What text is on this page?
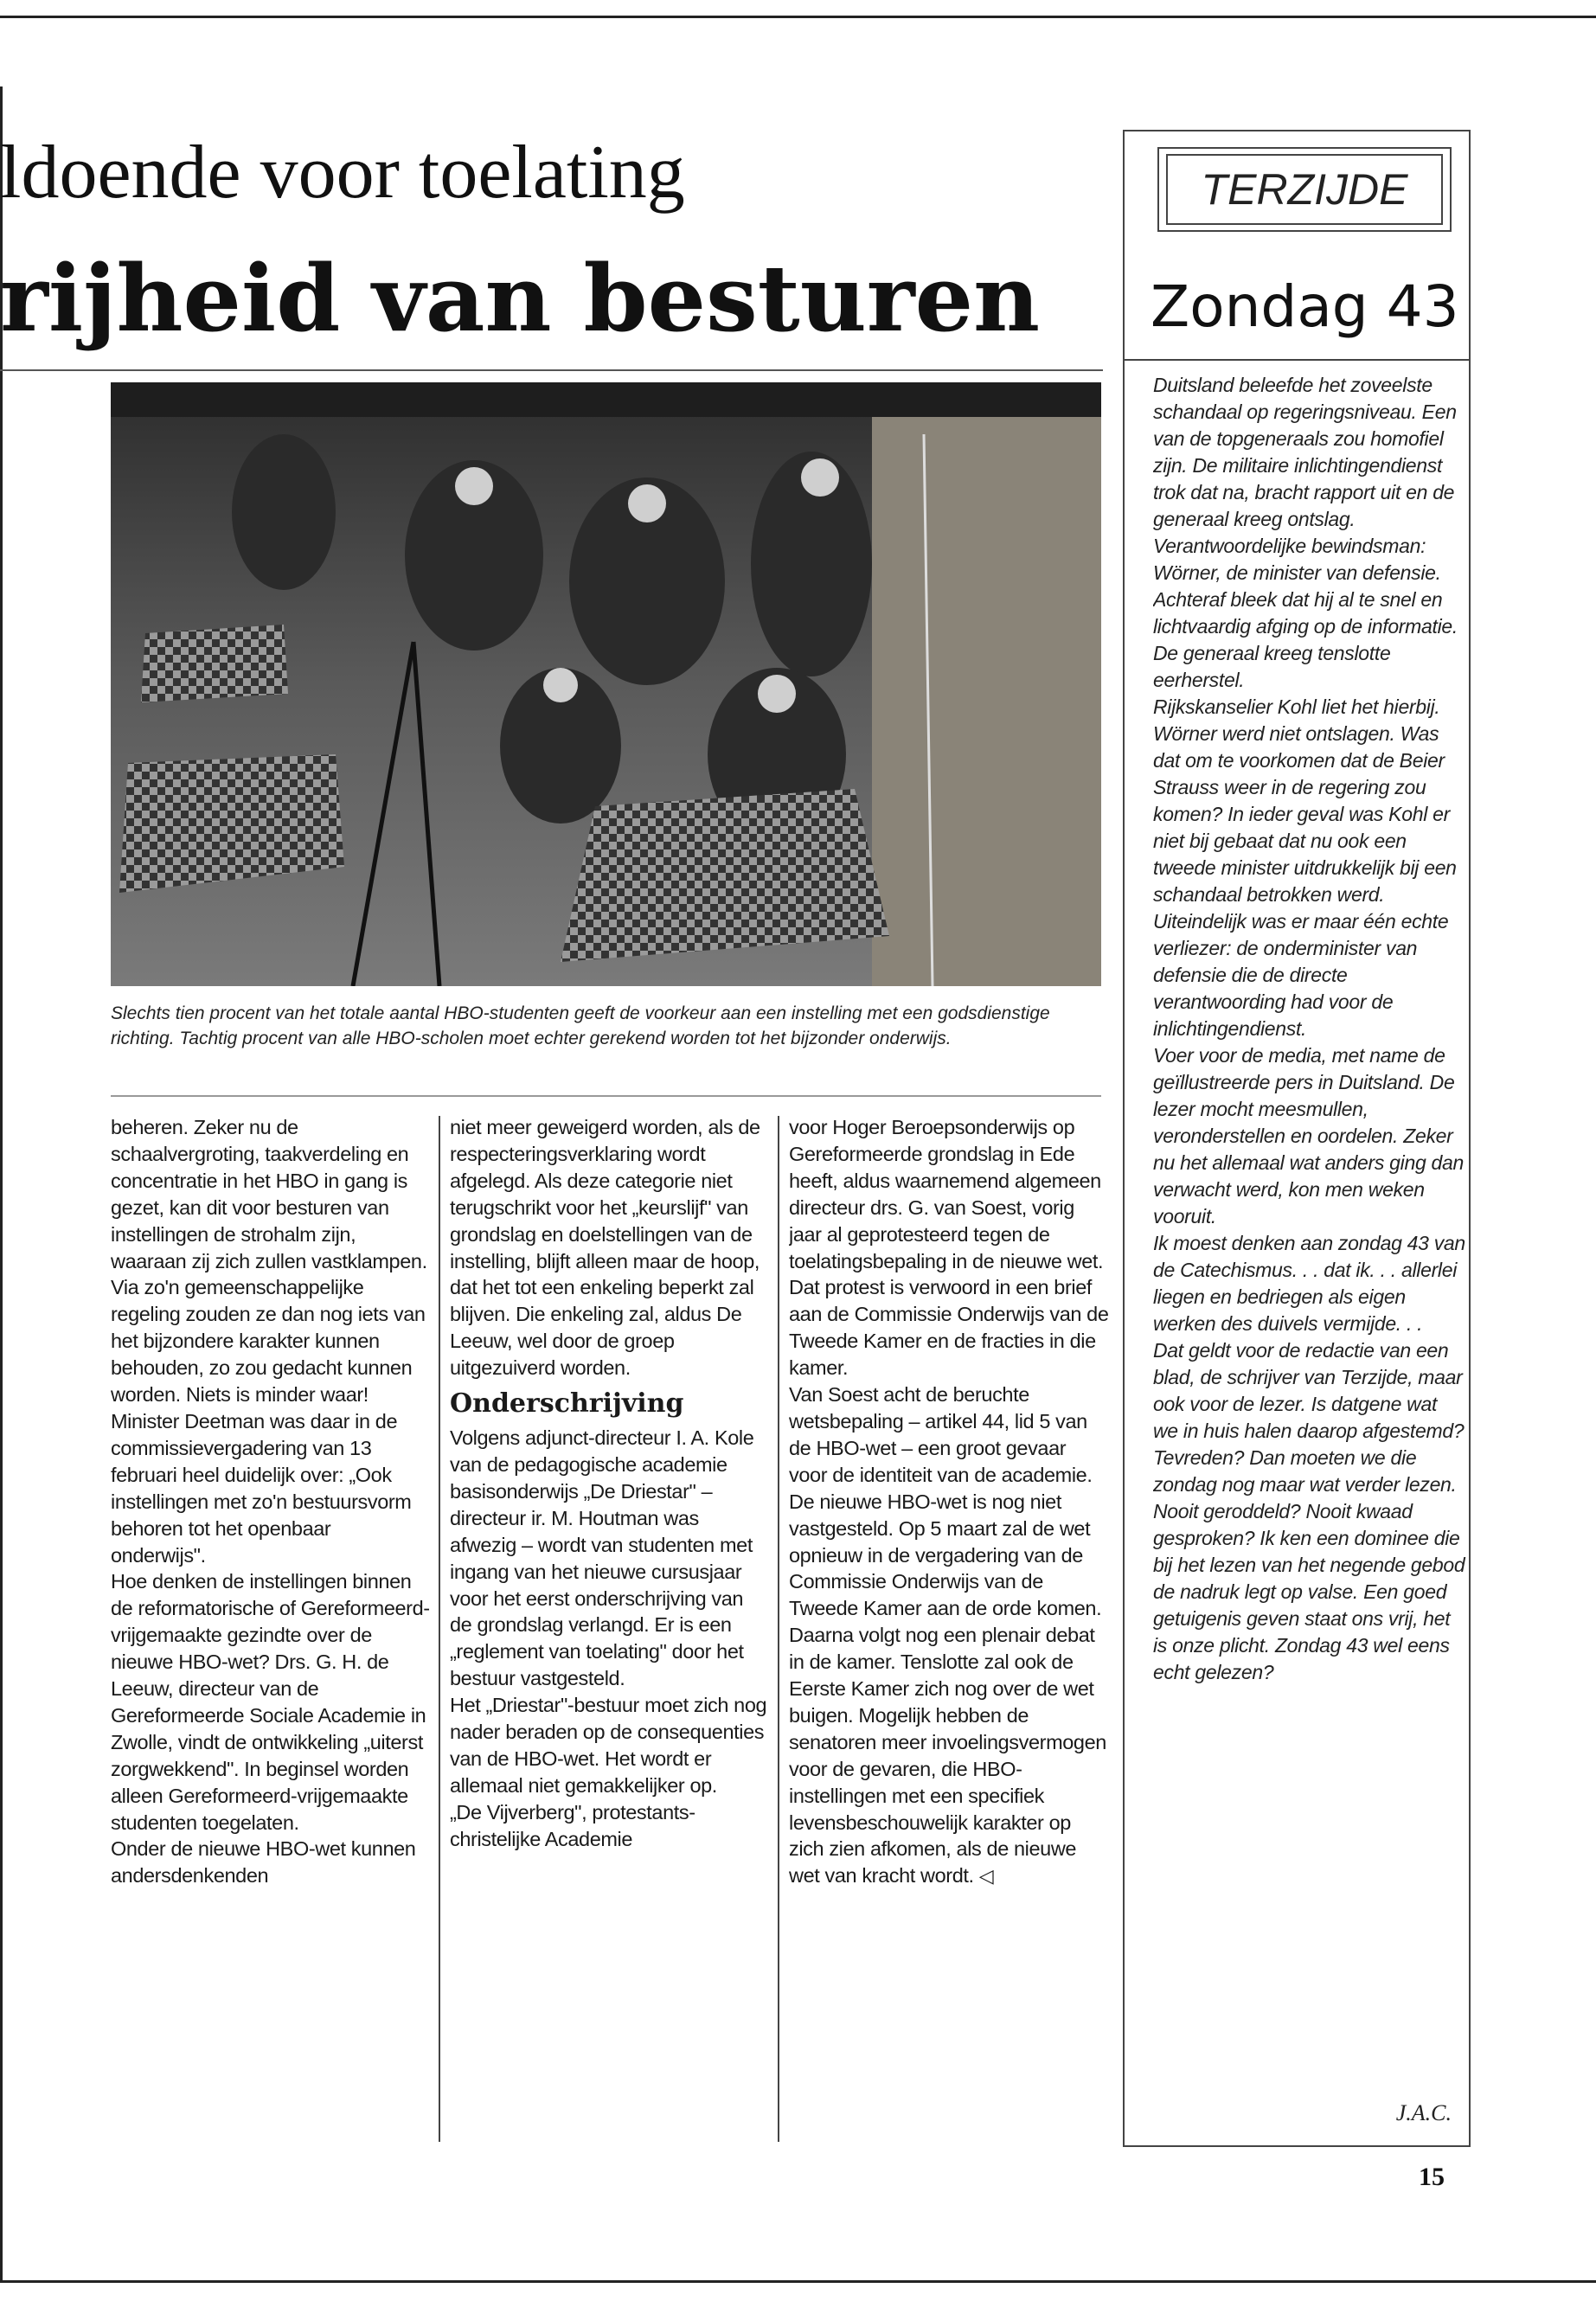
ldoende voor toelating
rijheid van besturen

Slechts tien procent van het totale aantal HBO-studenten geeft de voorkeur aan een instelling met een godsdienstige richting. Tachtig procent van alle HBO-scholen moet echter gerekend worden tot het bijzonder onderwijs.

beheren. Zeker nu de schaalvergroting, taakverdeling en concentratie in het HBO in gang is gezet, kan dit voor besturen van instellingen de strohalm zijn, waaraan zij zich zullen vastklampen.

Via zo'n gemeenschappelijke regeling zouden ze dan nog iets van het bijzondere karakter kunnen behouden, zo zou gedacht kunnen worden. Niets is minder waar! Minister Deetman was daar in de commissievergadering van 13 februari heel duidelijk over: „Ook instellingen met zo'n bestuursvorm behoren tot het openbaar onderwijs".

Hoe denken de instellingen binnen de reformatorische of Gereformeerd-vrijgemaakte gezindte over de nieuwe HBO-wet? Drs. G. H. de Leeuw, directeur van de Gereformeerde Sociale Academie in Zwolle, vindt de ontwikkeling „uiterst zorgwekkend". In beginsel worden alleen Gereformeerd-vrijgemaakte studenten toegelaten.

Onder de nieuwe HBO-wet kunnen andersdenkenden

niet meer geweigerd worden, als de respecteringsverklaring wordt afgelegd. Als deze categorie niet terugschrikt voor het „keurslijf" van grondslag en doelstellingen van de instelling, blijft alleen maar de hoop, dat het tot een enkeling beperkt zal blijven. Die enkeling zal, aldus De Leeuw, wel door de groep uitgezuiverd worden.

Onderschrijving

Volgens adjunct-directeur I. A. Kole van de pedagogische academie basisonderwijs „De Driestar" – directeur ir. M. Houtman was afwezig – wordt van studenten met ingang van het nieuwe cursusjaar voor het eerst onderschrijving van de grondslag verlangd. Er is een „reglement van toelating" door het bestuur vastgesteld.

Het „Driestar"-bestuur moet zich nog nader beraden op de consequenties van de HBO-wet. Het wordt er allemaal niet gemakkelijker op.

„De Vijverberg", protestants-christelijke Academie

voor Hoger Beroepsonderwijs op Gereformeerde grondslag in Ede heeft, aldus waarnemend algemeen directeur drs. G. van Soest, vorig jaar al geprotesteerd tegen de toelatingsbepaling in de nieuwe wet. Dat protest is verwoord in een brief aan de Commissie Onderwijs van de Tweede Kamer en de fracties in die kamer.

Van Soest acht de beruchte wetsbepaling – artikel 44, lid 5 van de HBO-wet – een groot gevaar voor de identiteit van de academie.

De nieuwe HBO-wet is nog niet vastgesteld. Op 5 maart zal de wet opnieuw in de vergadering van de Commissie Onderwijs van de Tweede Kamer aan de orde komen. Daarna volgt nog een plenair debat in de kamer. Tenslotte zal ook de Eerste Kamer zich nog over de wet buigen. Mogelijk hebben de senatoren meer invoelingsvermogen voor de gevaren, die HBO-instellingen met een specifiek levensbeschouwelijk karakter op zich zien afkomen, als de nieuwe wet van kracht wordt. ◁

TERZIJDE
Zondag 43

Duitsland beleefde het zoveelste schandaal op regeringsniveau. Een van de topgeneraals zou homofiel zijn. De militaire inlichtingendienst trok dat na, bracht rapport uit en de generaal kreeg ontslag. Verantwoordelijke bewindsman: Wörner, de minister van defensie. Achteraf bleek dat hij al te snel en lichtvaardig afging op de informatie. De generaal kreeg tenslotte eerherstel.

Rijkskanselier Kohl liet het hierbij. Wörner werd niet ontslagen. Was dat om te voorkomen dat de Beier Strauss weer in de regering zou komen? In ieder geval was Kohl er niet bij gebaat dat nu ook een tweede minister uitdrukkelijk bij een schandaal betrokken werd.

Uiteindelijk was er maar één echte verliezer: de onderminister van defensie die de directe verantwoording had voor de inlichtingendienst.

Voer voor de media, met name de geïllustreerde pers in Duitsland. De lezer mocht meesmullen, veronderstellen en oordelen. Zeker nu het allemaal wat anders ging dan verwacht werd, kon men weken vooruit.

Ik moest denken aan zondag 43 van de Catechismus. . . dat ik. . . allerlei liegen en bedriegen als eigen werken des duivels vermijde. . .

Dat geldt voor de redactie van een blad, de schrijver van Terzijde, maar ook voor de lezer. Is datgene wat we in huis halen daarop afgestemd? Tevreden? Dan moeten we die zondag nog maar wat verder lezen.

Nooit geroddeld? Nooit kwaad gesproken? Ik ken een dominee die bij het lezen van het negende gebod de nadruk legt op valse. Een goed getuigenis geven staat ons vrij, het is onze plicht. Zondag 43 wel eens echt gelezen?

J.A.C.
15
